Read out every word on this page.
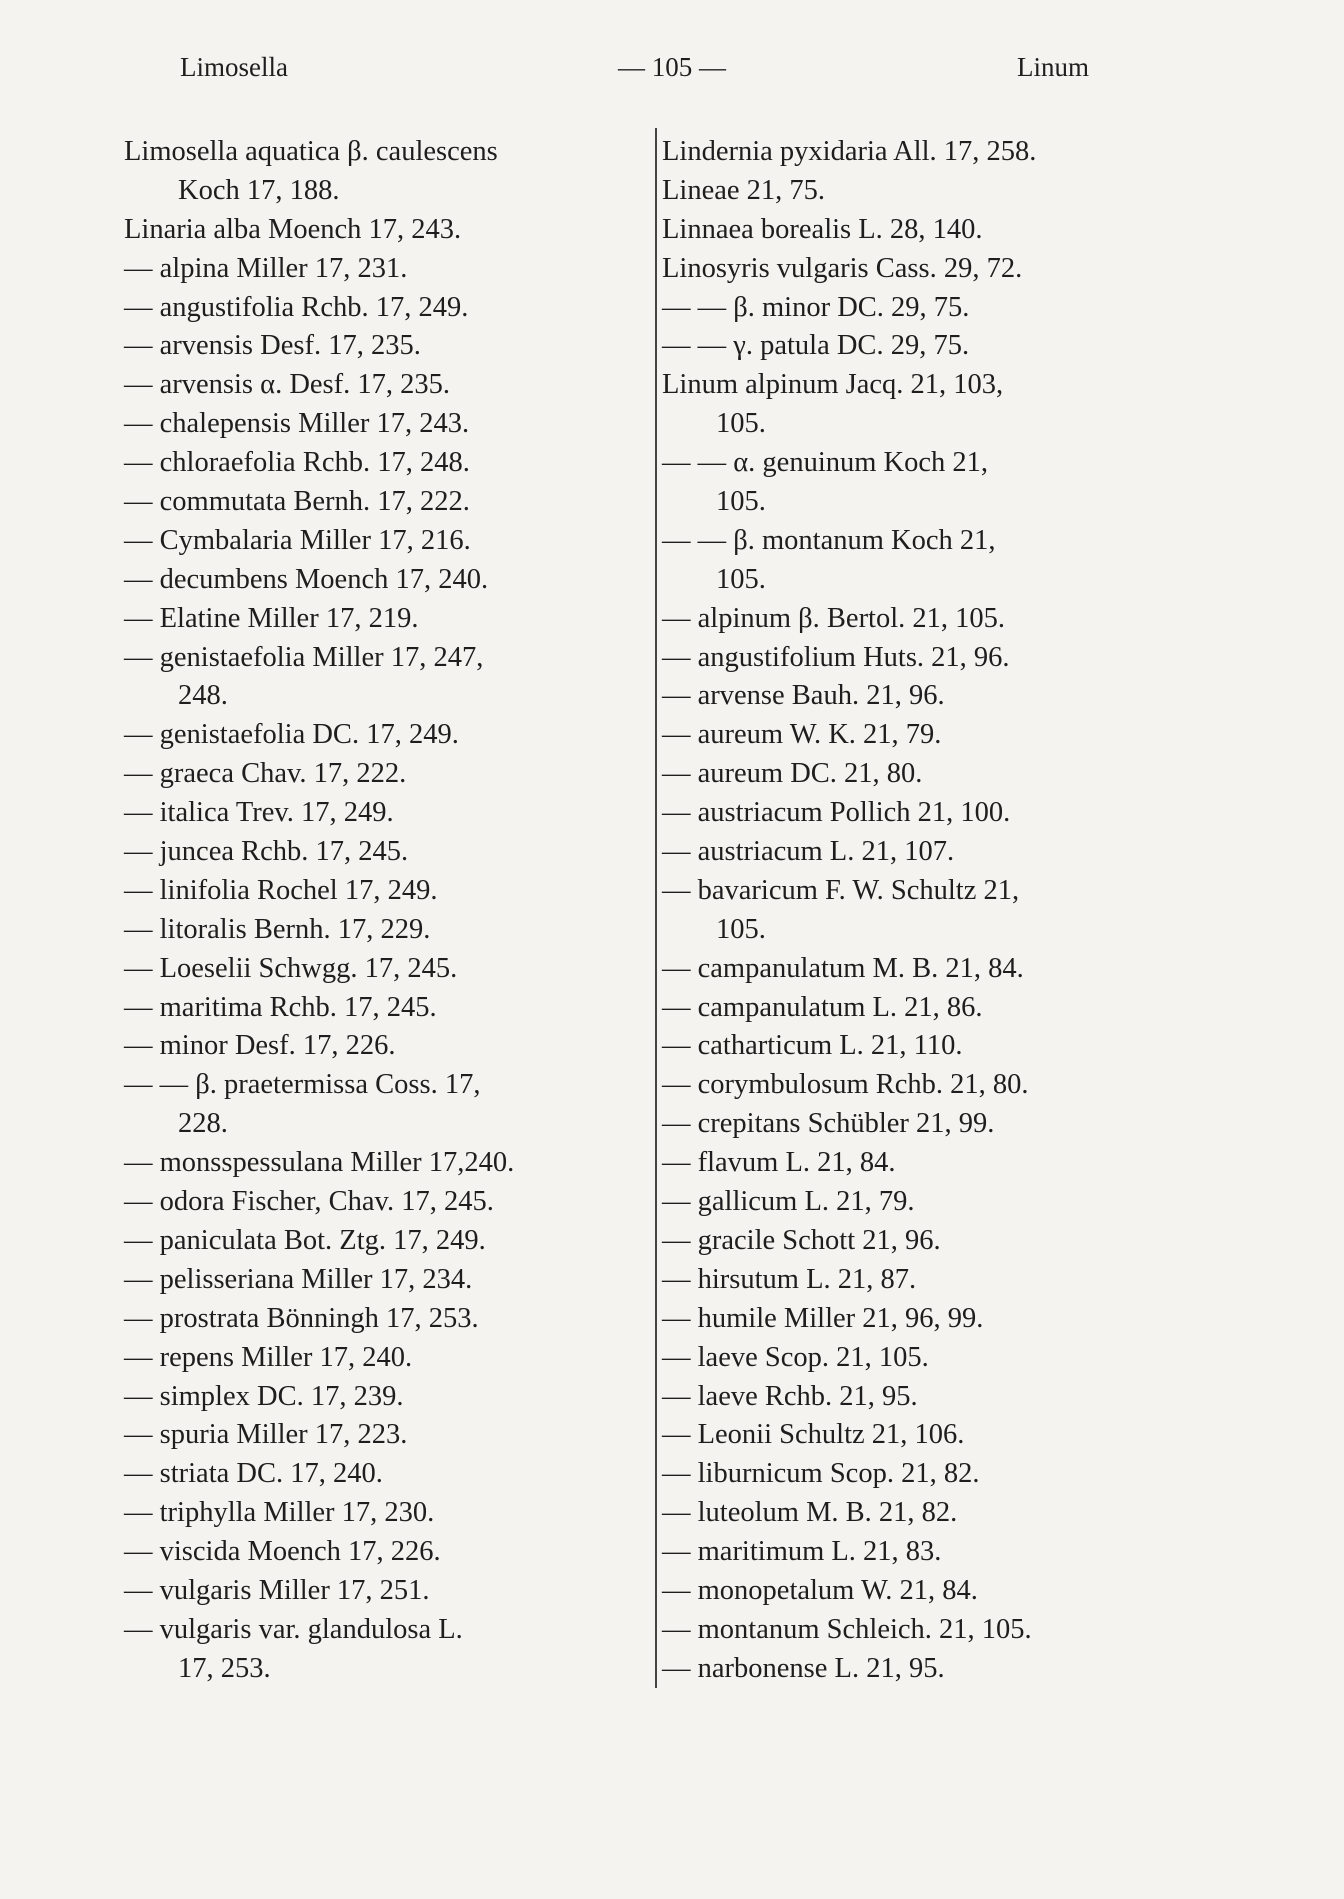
Limosella	— 105 —	Linum
Limosella aquatica β. caulescens
Koch 17, 188.
Linaria alba Moench 17, 243.
— alpina Miller 17, 231.
— angustifolia Rchb. 17, 249.
— arvensis Desf. 17, 235.
— arvensis α. Desf. 17, 235.
— chalepensis Miller 17, 243.
— chloraefolia Rchb. 17, 248.
— commutata Bernh. 17, 222.
— Cymbalaria Miller 17, 216.
— decumbens Moench 17, 240.
— Elatine Miller 17, 219.
— genistaefolia Miller 17, 247,
248.
— genistaefolia DC. 17, 249.
— graeca Chav. 17, 222.
— italica Trev. 17, 249.
— juncea Rchb. 17, 245.
— linifolia Rochel 17, 249.
— litoralis Bernh. 17, 229.
— Loeselii Schwgg. 17, 245.
— maritima Rchb. 17, 245.
— minor Desf. 17, 226.
— — β. praetermissa Coss. 17,
228.
— monsspessulana Miller 17,240.
— odora Fischer, Chav. 17, 245.
— paniculata Bot. Ztg. 17, 249.
— pelisseriana Miller 17, 234.
— prostrata Bönningh 17, 253.
— repens Miller 17, 240.
— simplex DC. 17, 239.
— spuria Miller 17, 223.
— striata DC. 17, 240.
— triphylla Miller 17, 230.
— viscida Moench 17, 226.
— vulgaris Miller 17, 251.
— vulgaris var. glandulosa L.
17, 253.
Lindernia pyxidaria All. 17, 258.
Lineae 21, 75.
Linnaea borealis L. 28, 140.
Linosyris vulgaris Cass. 29, 72.
— — β. minor DC. 29, 75.
— — γ. patula DC. 29, 75.
Linum alpinum Jacq. 21, 103,
105.
— — α. genuinum Koch 21,
105.
— — β. montanum Koch 21,
105.
— alpinum β. Bertol. 21, 105.
— angustifolium Huts. 21, 96.
— arvense Bauh. 21, 96.
— aureum W. K. 21, 79.
— aureum DC. 21, 80.
— austriacum Pollich 21, 100.
— austriacum L. 21, 107.
— bavaricum F. W. Schultz 21,
105.
— campanulatum M. B. 21, 84.
— campanulatum L. 21, 86.
— catharticum L. 21, 110.
— corymbulosum Rchb. 21, 80.
— crepitans Schübler 21, 99.
— flavum L. 21, 84.
— gallicum L. 21, 79.
— gracile Schott 21, 96.
— hirsutum L. 21, 87.
— humile Miller 21, 96, 99.
— laeve Scop. 21, 105.
— laeve Rchb. 21, 95.
— Leonii Schultz 21, 106.
— liburnicum Scop. 21, 82.
— luteolum M. B. 21, 82.
— maritimum L. 21, 83.
— monopetalum W. 21, 84.
— montanum Schleich. 21, 105.
— narbonense L. 21, 95.
